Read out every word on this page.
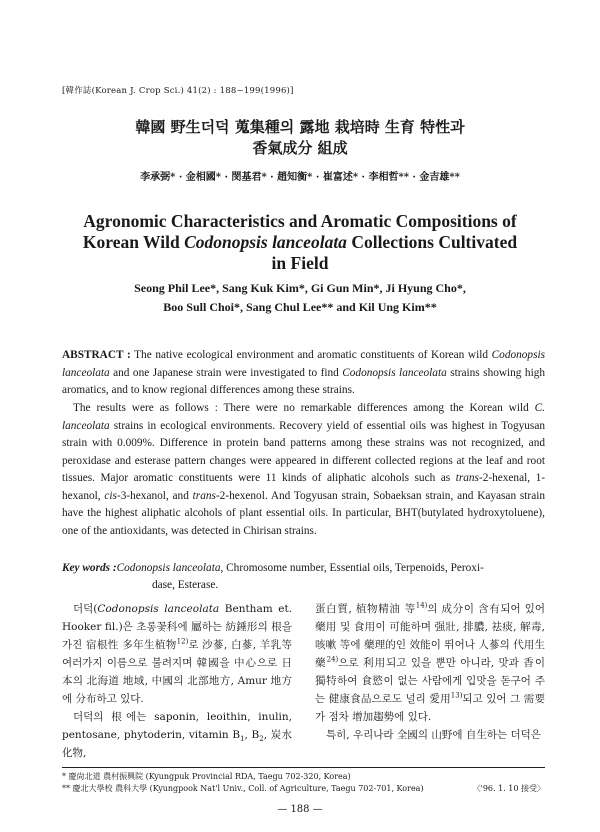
[韓作誌(Korean J. Crop Sci.) 41(2) : 188~199(1996)]
韓國 野生더덕 蒐集種의 露地 栽培時 生育 特性과
香氣成分 組成
李承弼* · 金相國* · 閔基君* · 趙知衡* · 崔富述* · 李相哲** · 金吉雄**
Agronomic Characteristics and Aromatic Compositions of
Korean Wild Codonopsis lanceolata Collections Cultivated
in Field
Seong Phil Lee*, Sang Kuk Kim*, Gi Gun Min*, Ji Hyung Cho*,
Boo Sull Choi*, Sang Chul Lee** and Kil Ung Kim**
ABSTRACT : The native ecological environment and aromatic constituents of Korean wild Codonopsis lanceolata and one Japanese strain were investigated to find Codonopsis lanceolata strains showing high aromatics, and to know regional differences among these strains.
The results were as follows : There were no remarkable differences among the Korean wild C. lanceolata strains in ecological environments. Recovery yield of essential oils was highest in Togyusan strain with 0.009%. Difference in protein band patterns among these strains was not recognized, and peroxidase and esterase pattern changes were appeared in different collected regions at the leaf and root tissues. Major aromatic constituents were 11 kinds of aliphatic alcohols such as trans-2-hexenal, 1-hexanol, cis-3-hexanol, and trans-2-hexenol. And Togyusan strain, Sobaeksan strain, and Kayasan strain have the highest aliphatic alcohols of plant essential oils. In particular, BHT(butylated hydroxytoluene), one of the antioxidants, was detected in Chirisan strains.
Key words :Codonopsis lanceolata, Chromosome number, Essential oils, Terpenoids, Peroxi-
dase, Esterase.

더덕(Codonopsis lanceolata Bentham et. Hooker fil.)은 초롱꽃科에 屬하는 紡錘形의 根을 가진 宿根性 多年生植物$^{12)}$로 沙蔘, 白蔘, 羊乳等 여러가지 이름으로 불려지며 韓國을 中心으로 日本의 北海道 地域, 中國의 北部地方, Amur 地方에 分布하고 있다.

더덕의 根에는 saponin, leoithin, inulin, pentosane, phytoderin, vitamin $B_1$, $B_2$, 炭水化物,

蛋白質, 植物精油 等$^{14)}$의 成分이 含有되어 있어 藥用 및 食用이 可能하며 强壯, 排膿, 祛痰, 解毒, 咳嗽 等에 藥理的인 效能이 뛰어나 人蔘의 代用生藥$^{24)}$으로 利用되고 있을 뿐만 아니라, 맛과 香이 獨特하여 食慾이 없는 사람에게 입맛을 돋구어 주는 健康食品으로도 널리 愛用$^{13)}$되고 있어 그 需要가 점차 增加趨勢에 있다.

특히, 우리나라 全國의 山野에 自生하는 더덕은

* 慶尙北道 農村振興院 (Kyungpuk Provincial RDA, Taegu 702-320, Korea)
** 慶北大學校 農科大學 (Kyungpook Nat'l Univ., Coll. of Agriculture, Taegu 702-701, Korea)	〈'96. 1. 10 接受〉
— 188 —
